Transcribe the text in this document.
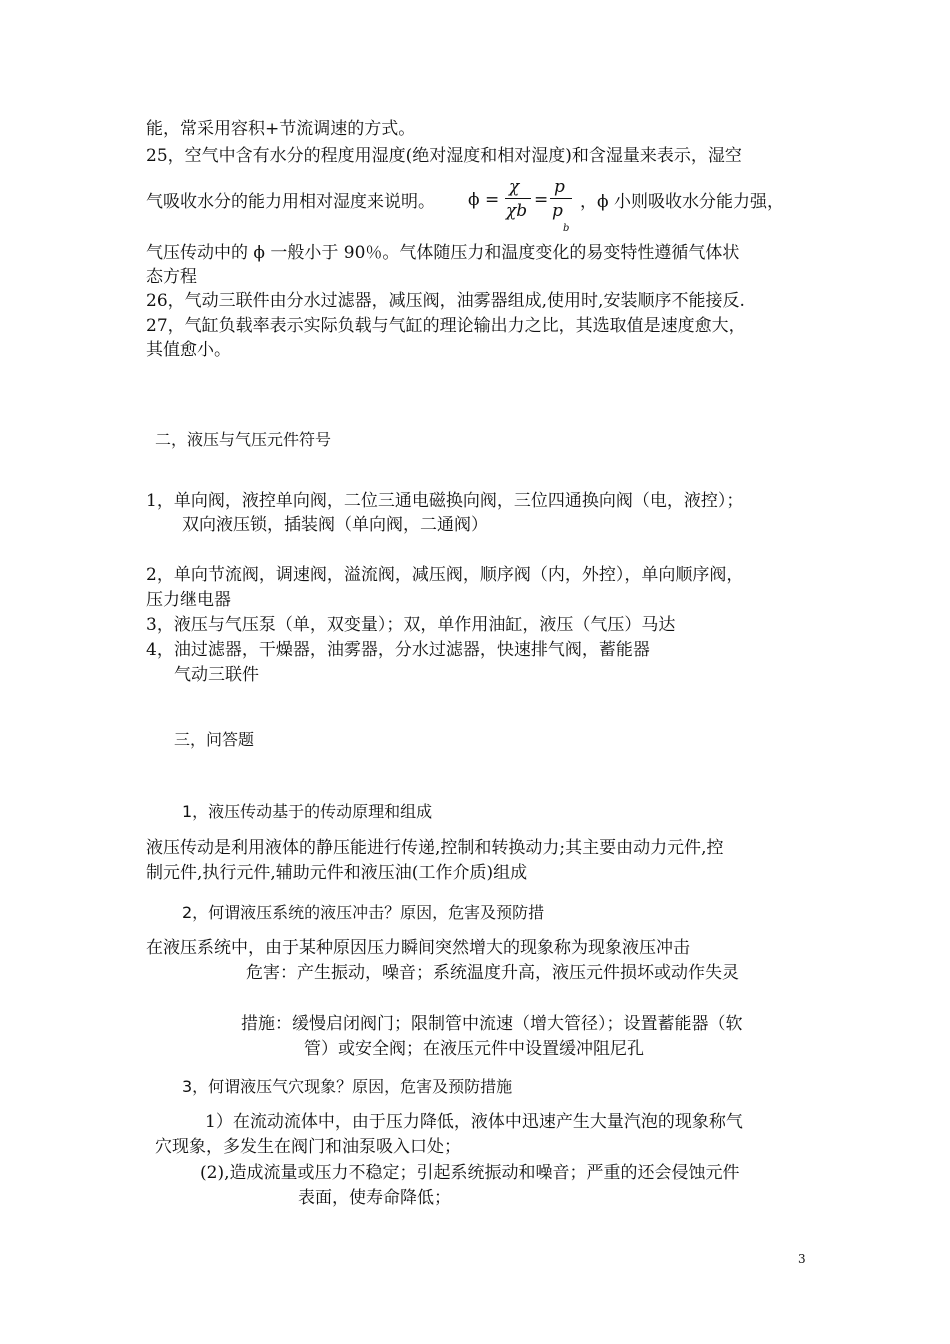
能，常采用容积+节流调速的方式。
25，空气中含有水分的程度用湿度(绝对湿度和相对湿度)和含湿量来表示，湿空
气吸收水分的能力用相对湿度来说明。 ϕ =
χ
χb
=
p
p
b
，ϕ 小则吸收水分能力强，
气压传动中的 ϕ 一般小于 90％。气体随压力和温度变化的易变特性遵循气体状
态方程
26，气动三联件由分水过滤器，减压阀，油雾器组成,使用时,安装顺序不能接反.
27，气缸负载率表示实际负载与气缸的理论输出力之比，其选取值是速度愈大，
其值愈小。
二，液压与气压元件符号
1，单向阀，液控单向阀，二位三通电磁换向阀，三位四通换向阀（电，液控）；
双向液压锁，插装阀（单向阀，二通阀）
2，单向节流阀，调速阀，溢流阀，减压阀，顺序阀（内，外控），单向顺序阀，
压力继电器
3，液压与气压泵（单，双变量）；双，单作用油缸，液压（气压）马达
4，油过滤器，干燥器，油雾器，分水过滤器，快速排气阀，蓄能器
气动三联件
三，问答题
1，液压传动基于的传动原理和组成
液压传动是利用液体的静压能进行传递,控制和转换动力;其主要由动力元件,控
制元件,执行元件,辅助元件和液压油(工作介质)组成
2，何谓液压系统的液压冲击？原因，危害及预防措
在液压系统中，由于某种原因压力瞬间突然增大的现象称为现象液压冲击
危害：产生振动，噪音；系统温度升高，液压元件损坏或动作失灵
措施：缓慢启闭阀门；限制管中流速（增大管径）；设置蓄能器（软
管）或安全阀；在液压元件中设置缓冲阻尼孔
3，何谓液压气穴现象？原因，危害及预防措施
1）在流动流体中，由于压力降低，液体中迅速产生大量汽泡的现象称气
穴现象，多发生在阀门和油泵吸入口处；
(2),造成流量或压力不稳定；引起系统振动和噪音；严重的还会侵蚀元件
表面，使寿命降低；
3
